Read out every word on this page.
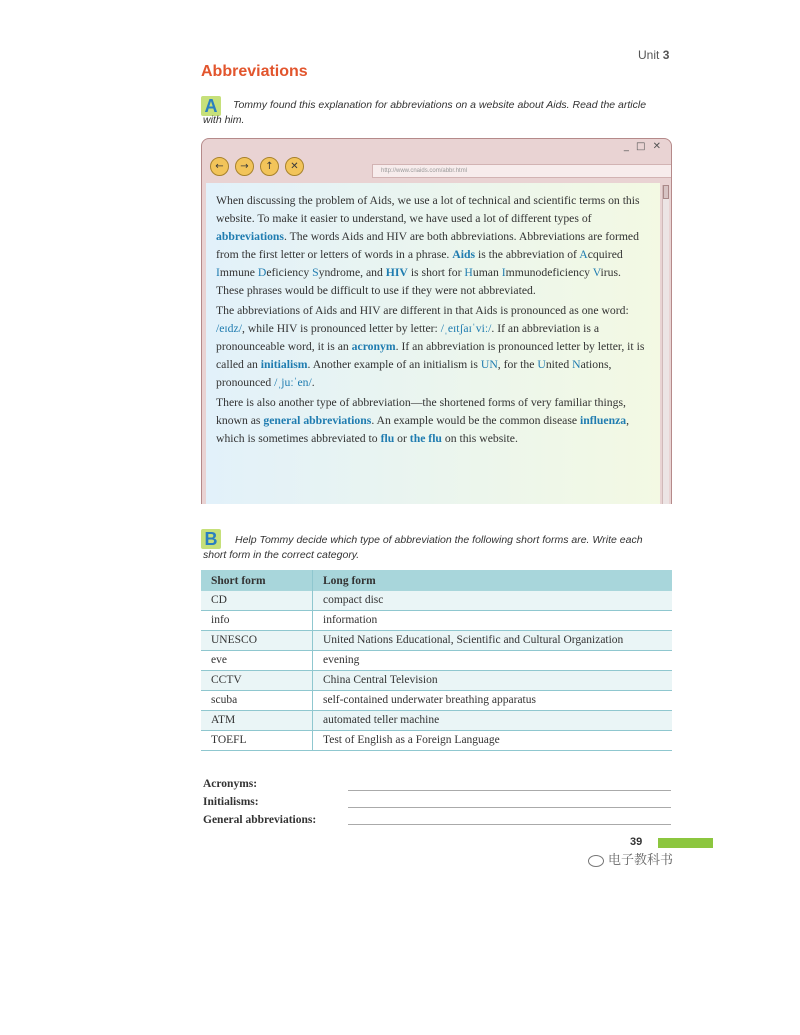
Unit 3
Abbreviations
A	Tommy found this explanation for abbreviations on a website about Aids. Read the article with him.
_ □ ✕
←	→	↑	✕	http://www.cnaids.com/abbr.html

When discussing the problem of Aids, we use a lot of technical and scientific terms on this website. To make it easier to understand, we have used a lot of different types of abbreviations. The words Aids and HIV are both abbreviations. Abbreviations are formed from the first letter or letters of words in a phrase. Aids is the abbreviation of Acquired Immune Deficiency Syndrome, and HIV is short for Human Immunodeficiency Virus. These phrases would be difficult to use if they were not abbreviated.

The abbreviations of Aids and HIV are different in that Aids is pronounced as one word: /eɪdz/, while HIV is pronounced letter by letter: /ˌeɪtʃaɪˈviː/. If an abbreviation is a pronounceable word, it is an acronym. If an abbreviation is pronounced letter by letter, it is called an initialism. Another example of an initialism is UN, for the United Nations, pronounced /ˌjuːˈen/.

There is also another type of abbreviation—the shortened forms of very familiar things, known as general abbreviations. An example would be the common disease influenza, which is sometimes abbreviated to flu or the flu on this website.

B	Help Tommy decide which type of abbreviation the following short forms are. Write each short form in the correct category.
Short form	Long form
CD	compact disc
info	information
UNESCO	United Nations Educational, Scientific and Cultural Organization
eve	evening
CCTV	China Central Television
scuba	self-contained underwater breathing apparatus
ATM	automated teller machine
TOEFL	Test of English as a Foreign Language
Acronyms:
Initialisms:
General abbreviations:
39
电子教科书
